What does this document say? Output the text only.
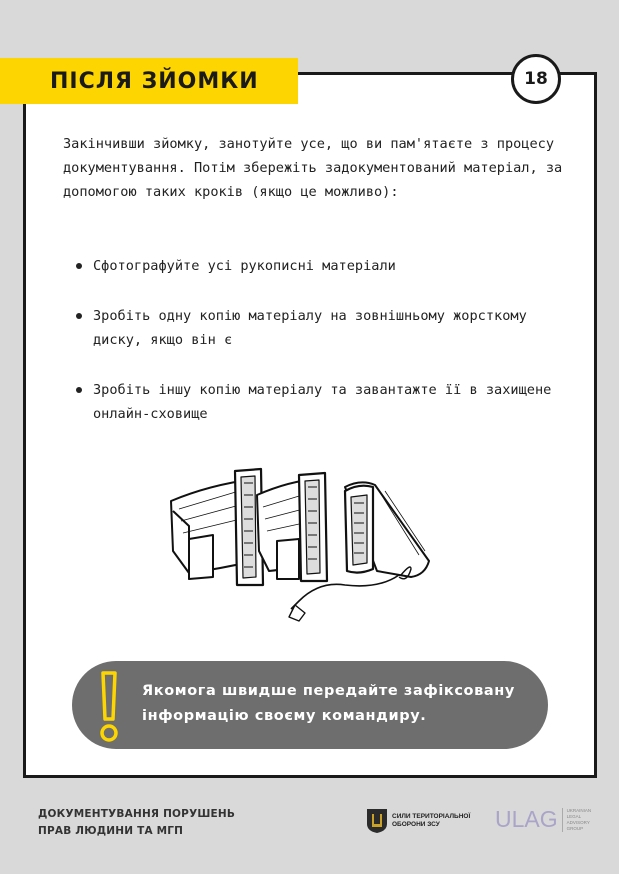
ПІСЛЯ ЗЙОМКИ	18

Закінчивши зйомку, занотуйте усе, що ви пам'ятаєте з процесу документування. Потім збережіть задокументований матеріал, за допомогою таких кроків (якщо це можливо):

Сфотографуйте усі рукописні матеріали
Зробіть одну копію матеріалу на зовнішньому жорсткому диску, якщо він є
Зробіть іншу копію матеріалу та завантажте її в захищене онлайн-сховище
Якомога швидше передайте зафіксовану інформацію своєму командиру.
ДОКУМЕНТУВАННЯ ПОРУШЕНЬ
ПРАВ ЛЮДИНИ ТА МГП
СИЛИ ТЕРИТОРІАЛЬНОЇ
ОБОРОНИ ЗСУ	ULAG UKRAINIAN
LEGAL
ADVISORY
GROUP
